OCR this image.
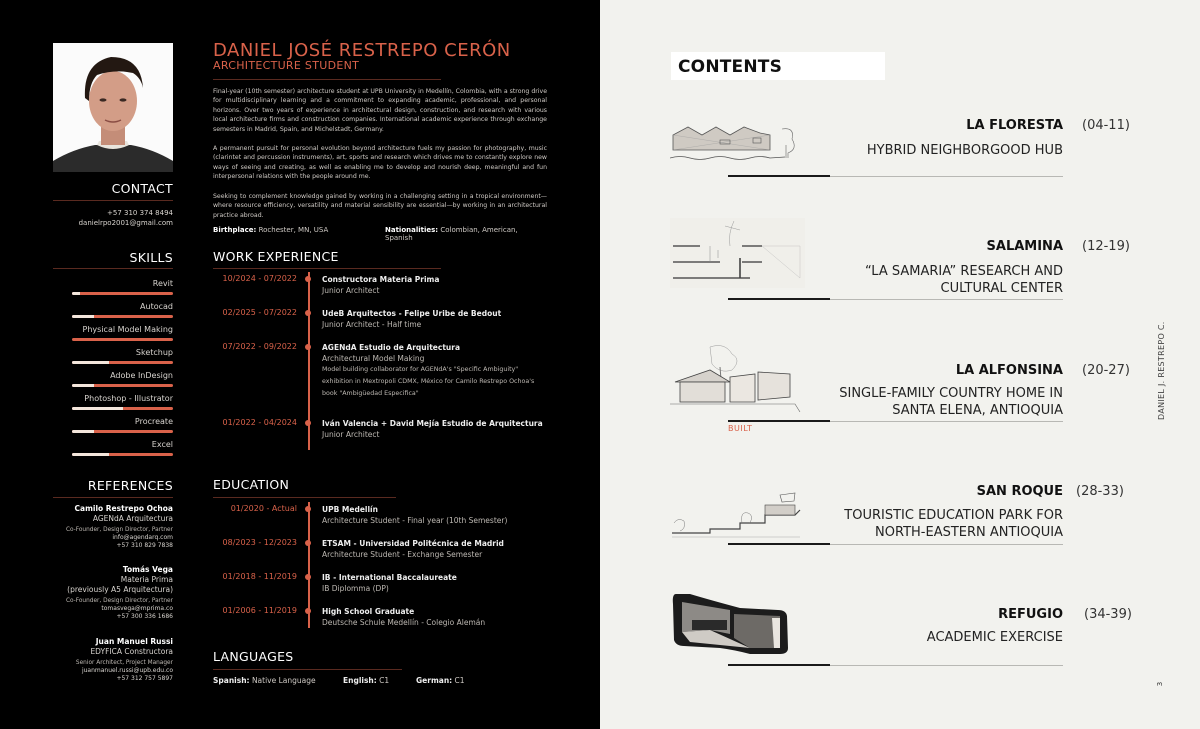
CONTACT
+57 310 374 8494
danielrpo2001@gmail.com
SKILLS
Revit
Autocad
Physical Model Making
Sketchup
Adobe InDesign
Photoshop - Illustrator
Procreate
Excel
REFERENCES
Camilo Restrepo Ochoa
AGENdA Arquitectura
Co-Founder, Design Director, Partner
info@agendarq.com
+57 310 829 7838
Tomás Vega
Materia Prima
(previously A5 Arquitectura)
Co-Founder, Design Director, Partner
tomasvega@mprima.co
+57 300 336 1686
Juan Manuel Russi
EDYFICA Constructora
Senior Architect, Project Manager
juanmanuel.russi@upb.edu.co
+57 312 757 5897
DANIEL JOSÉ RESTREPO CERÓN
ARCHITECTURE STUDENT
Final-year (10th semester) architecture student at UPB University in Medellín, Colombia, with a strong drive for multidisciplinary learning and a commitment to expanding academic, professional, and personal horizons. Over two years of experience in architectural design, construction, and research with various local architecture firms and construction companies. International academic experience through exchange semesters in Madrid, Spain, and Michelstadt, Germany.
A permanent pursuit for personal evolution beyond architecture fuels my passion for photography, music (clarintet and percussion instruments), art, sports and research which drives me to constantly explore new ways of seeing and creating, as well as enabling me to develop and nourish deep, meaningful and fun interpersonal relations with the people around me.
Seeking to complement knowledge gained by working in a challenging setting in a tropical environment—where resource efficiency, versatility and material sensibility are essential—by working in an architectural practice abroad.
Birthplace: Rochester, MN, USA	Nationalities: Colombian, American, Spanish
WORK EXPERIENCE
10/2024 - 07/2022	Constructora Materia Prima
Junior Architect
02/2025 - 07/2022	UdeB Arquitectos - Felipe Uribe de Bedout
Junior Architect - Half time
07/2022 - 09/2022	AGENdA Estudio de Arquitectura
Architectural Model Making
Model building collaborator for AGENdA's "Specific Ambiguity" exhibition in Mextropoli CDMX, México for Camilo Restrepo Ochoa's book "Ambigüedad Especifica"
01/2022 - 04/2024	Iván Valencia + David Mejía Estudio de Arquitectura
Junior Architect
EDUCATION
01/2020 - Actual	UPB Medellín
Architecture Student - Final year (10th Semester)
08/2023 - 12/2023	ETSAM - Universidad Politécnica de Madrid
Architecture Student - Exchange Semester
01/2018 - 11/2019	IB - International Baccalaureate
IB Diplomma (DP)
01/2006 - 11/2019	High School Graduate
Deutsche Schule Medellín - Colegio Alemán
LANGUAGES
Spanish: Native Language	English: C1	German: C1
CONTENTS
LA FLORESTA (04-11)
HYBRID NEIGHBORGOOD HUB
SALAMINA (12-19)
“LA SAMARIA” RESEARCH AND
CULTURAL CENTER
LA ALFONSINA (20-27)
SINGLE-FAMILY COUNTRY HOME IN
SANTA ELENA, ANTIOQUIA
BUILT
SAN ROQUE (28-33)
TOURISTIC EDUCATION PARK FOR
NORTH-EASTERN ANTIOQUIA
REFUGIO (34-39)
ACADEMIC EXERCISE
DANIEL J. RESTREPO C.
3
